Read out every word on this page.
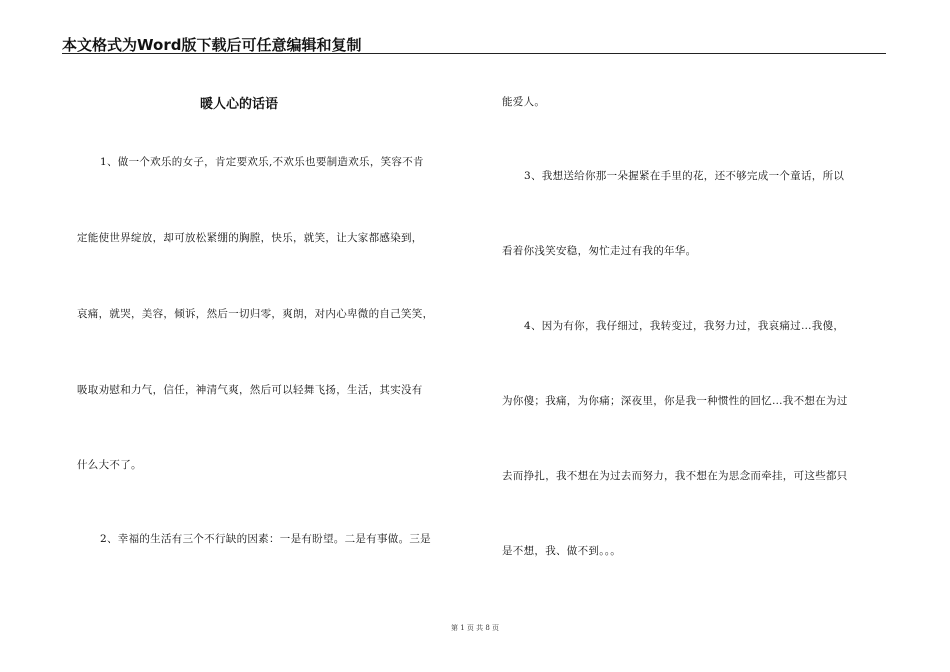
本文格式为Word版下载后可任意编辑和复制
暖人心的话语
1、做一个欢乐的女子，肯定要欢乐,不欢乐也要制造欢乐，笑容不肯
定能使世界绽放，却可放松紧绷的胸膛，快乐，就笑，让大家都感染到，
哀痛，就哭，美容，倾诉，然后一切归零，爽朗，对内心卑微的自己笑笑，
吸取劝慰和力气，信任，神清气爽，然后可以轻舞飞扬，生活，其实没有
什么大不了。
2、幸福的生活有三个不行缺的因素：一是有盼望。二是有事做。三是
能爱人。
3、我想送给你那一朵握紧在手里的花，还不够完成一个童话，所以
看着你浅笑安稳，匆忙走过有我的年华。
4、因为有你，我仔细过，我转变过，我努力过，我哀痛过…我傻，
为你傻；我痛，为你痛；深夜里，你是我一种惯性的回忆…我不想在为过
去而挣扎，我不想在为过去而努力，我不想在为思念而牵挂，可这些都只
是不想，我、做不到。。。
第 1 页 共 8 页
